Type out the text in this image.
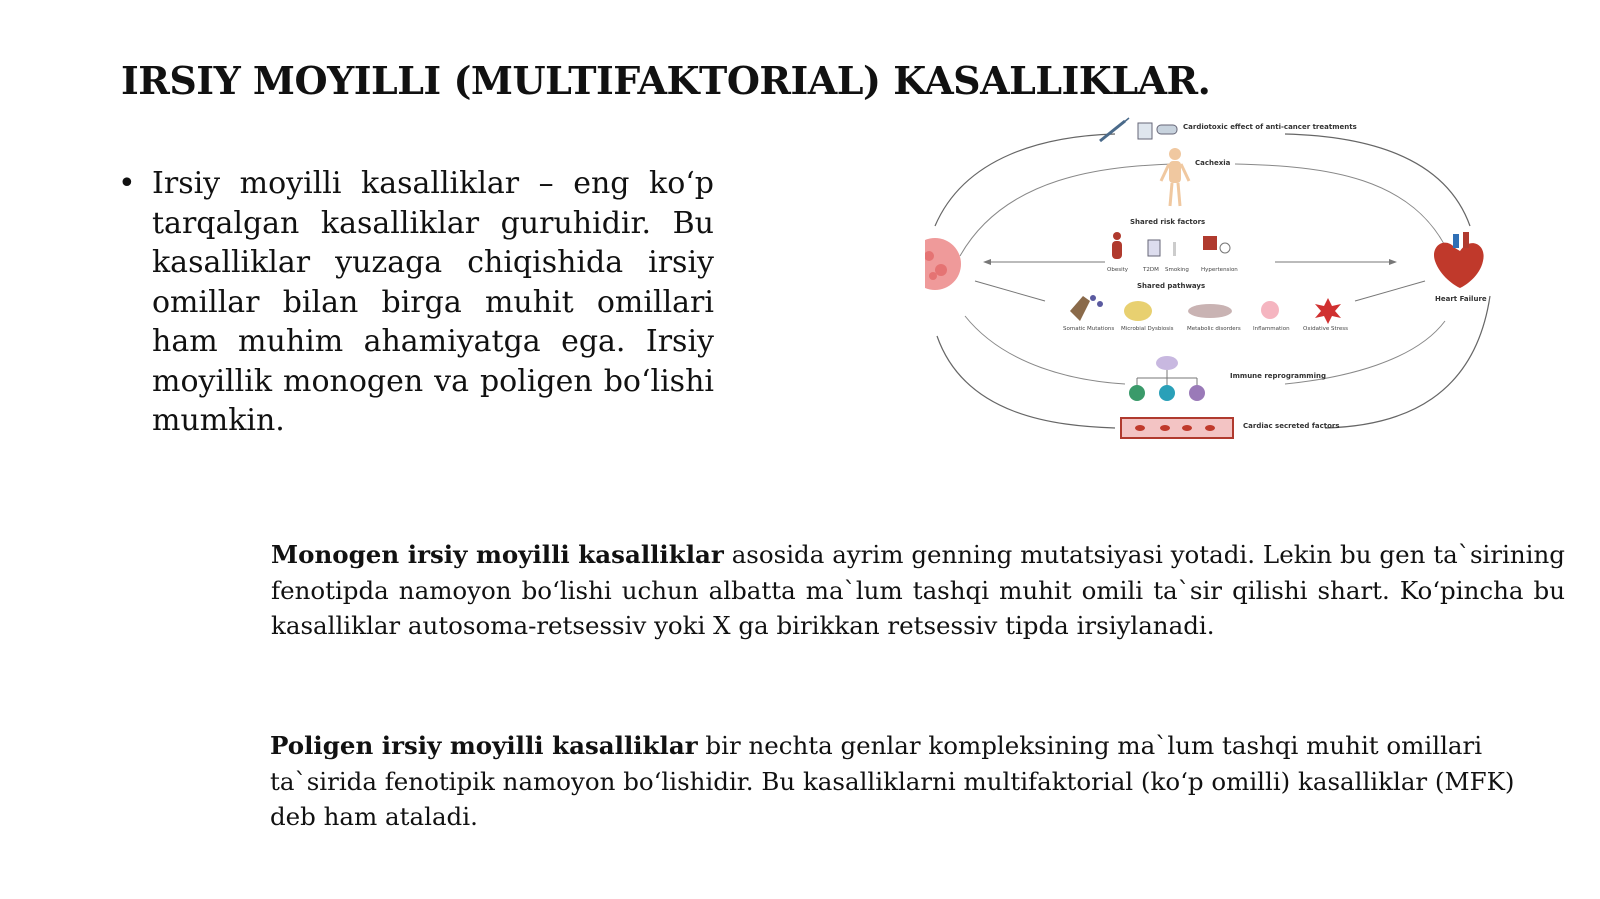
IRSIY MOYILLI (MULTIFAKTORIAL) KASALLIKLAR.
• Irsiy moyilli kasalliklar – eng ko‘p tarqalgan kasalliklar guruhidir. Bu kasalliklar yuzaga chiqishida irsiy omillar bilan birga muhit omillari ham muhim ahamiyatga ega. Irsiy moyillik monogen va poligen bo‘lishi mumkin.
Heart Failure
Cardiotoxic effect of anti-cancer treatments
Cachexia
Shared risk factors
Obesity	T2DM Smoking Hypertension
Shared pathways
Somatic Mutations Microbial Dysbiosis Metabolic disorders Inflammation Oxidative Stress
Immune reprogramming
Cardiac secreted factors

Monogen irsiy moyilli kasalliklar asosida ayrim genning mutatsiyasi yotadi. Lekin bu gen ta`sirining fenotipda namoyon bo‘lishi uchun albatta ma`lum tashqi muhit omili ta`sir qilishi shart. Ko‘pincha bu kasalliklar autosoma-retsessiv yoki X ga birikkan retsessiv tipda irsiylanadi.

Poligen irsiy moyilli kasalliklar bir nechta genlar kompleksining ma`lum tashqi muhit omillari ta`sirida fenotipik namoyon bo‘lishidir. Bu kasalliklarni multifaktorial (ko‘p omilli) kasalliklar (MFK) deb ham ataladi.
